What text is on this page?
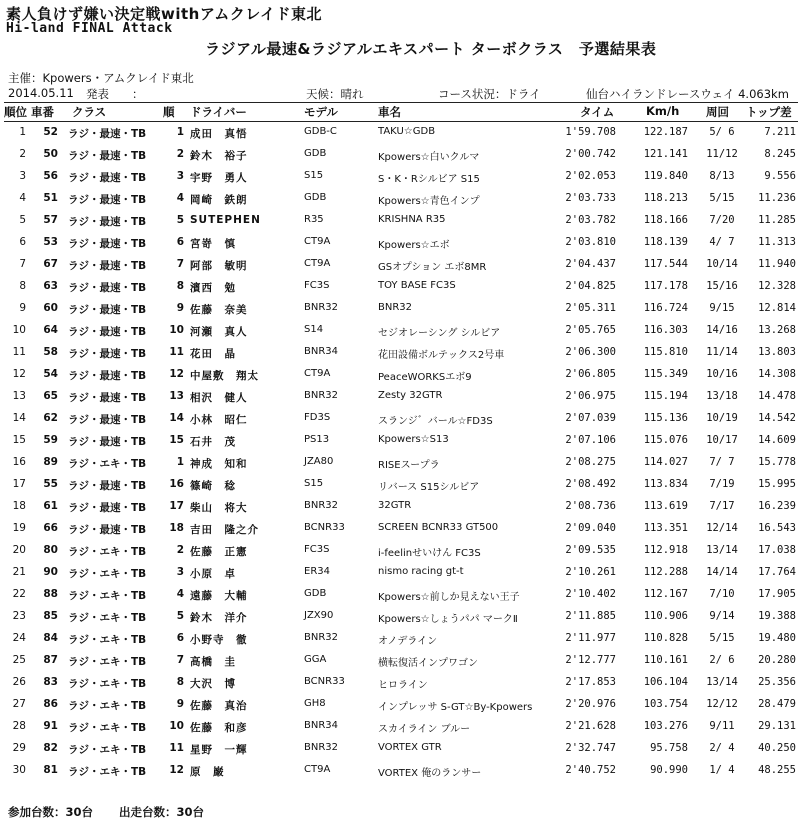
素人負けず嫌い決定戦withアムクレイド東北
Hi-land FINAL Attack
ラジアル最速&ラジアルエキスパート ターボクラス　予選結果表
主催：Kpowers・アムクレイド東北
2014.05.11 発表　　：	天候：晴れ	コース状況：ドライ	仙台ハイランドレースウェイ 4.063km
順位 車番 クラス	順 ドライバー	モデル	車名	タイム	Km/h 周回 トップ差
1	52 ラジ・最速・TB	1 成田　真悟	GDB-C	TAKU☆GDB	1'59.708	122.187	5/ 6	7.211
2	50 ラジ・最速・TB	2 鈴木　裕子	GDB	Kpowers☆白いクルマ	2'00.742	121.141	11/12	8.245
3	56 ラジ・最速・TB	3 宇野　勇人	S15	S・K・Rシルビア S15	2'02.053	119.840	8/13	9.556
4	51 ラジ・最速・TB	4 岡崎　鉄朗	GDB	Kpowers☆青色インプ	2'03.733	118.213	5/15	11.236
5	57 ラジ・最速・TB	5 SUTEPHEN	R35	KRISHNA R35	2'03.782	118.166	7/20	11.285
6	53 ラジ・最速・TB	6 宮嵜　慎	CT9A	Kpowers☆エボ	2'03.810	118.139	4/ 7	11.313
7	67 ラジ・最速・TB	7 阿部　敏明	CT9A	GSオプション エボ8MR	2'04.437	117.544	10/14	11.940
8	63 ラジ・最速・TB	8 濱西　勉	FC3S	TOY BASE FC3S	2'04.825	117.178	15/16	12.328
9	60 ラジ・最速・TB	9 佐藤　奈美	BNR32	BNR32	2'05.311	116.724	9/15	12.814
10	64 ラジ・最速・TB	10 河瀬　真人	S14	セジオレーシング シルビア	2'05.765	116.303	14/16	13.268
11	58 ラジ・最速・TB	11 花田　晶	BNR34	花田設備ボルテックス2号車	2'06.300	115.810	11/14	13.803
12	54 ラジ・最速・TB	12 中屋敷　翔太	CT9A	PeaceWORKSエボ9	2'06.805	115.349	10/16	14.308
13	65 ラジ・最速・TB	13 相沢　健人	BNR32	Zesty 32GTR	2'06.975	115.194	13/18	14.478
14	62 ラジ・最速・TB	14 小林　昭仁	FD3S	スランジ゛バール☆FD3S	2'07.039	115.136	10/19	14.542
15	59 ラジ・最速・TB	15 石井　茂	PS13	Kpowers☆S13	2'07.106	115.076	10/17	14.609
16	89 ラジ・エキ・TB	1 神成　知和	JZA80	RISEスープラ	2'08.275	114.027	7/ 7	15.778
17	55 ラジ・最速・TB	16 篠崎　稔	S15	リバース S15シルビア	2'08.492	113.834	7/19	15.995
18	61 ラジ・最速・TB	17 柴山　将大	BNR32	32GTR	2'08.736	113.619	7/17	16.239
19	66 ラジ・最速・TB	18 吉田　隆之介	BCNR33	SCREEN BCNR33 GT500	2'09.040	113.351	12/14	16.543
20	80 ラジ・エキ・TB	2 佐藤　正憲	FC3S	i-feelinせいけん FC3S	2'09.535	112.918	13/14	17.038
21	90 ラジ・エキ・TB	3 小原　卓	ER34	nismo racing gt-t	2'10.261	112.288	14/14	17.764
22	88 ラジ・エキ・TB	4 遠藤　大輔	GDB	Kpowers☆前しか見えない王子	2'10.402	112.167	7/10	17.905
23	85 ラジ・エキ・TB	5 鈴木　洋介	JZX90	Kpowers☆しょうパパ マークⅡ	2'11.885	110.906	9/14	19.388
24	84 ラジ・エキ・TB	6 小野寺　徹	BNR32	オノデライン	2'11.977	110.828	5/15	19.480
25	87 ラジ・エキ・TB	7 高橋　圭	GGA	横転復活インプワゴン	2'12.777	110.161	2/ 6	20.280
26	83 ラジ・エキ・TB	8 大沢　博	BCNR33	ヒロライン	2'17.853	106.104	13/14	25.356
27	86 ラジ・エキ・TB	9 佐藤　真治	GH8	インプレッサ S-GT☆By-Kpowers	2'20.976	103.754	12/12	28.479
28	91 ラジ・エキ・TB	10 佐藤　和彦	BNR34	スカイライン ブルー	2'21.628	103.276	9/11	29.131
29	82 ラジ・エキ・TB	11 星野　一輝	BNR32	VORTEX GTR	2'32.747	95.758	2/ 4	40.250
30	81 ラジ・エキ・TB	12 原　巌	CT9A	VORTEX 俺のランサー	2'40.752	90.990	1/ 4	48.255
参加台数：30台 出走台数：30台
